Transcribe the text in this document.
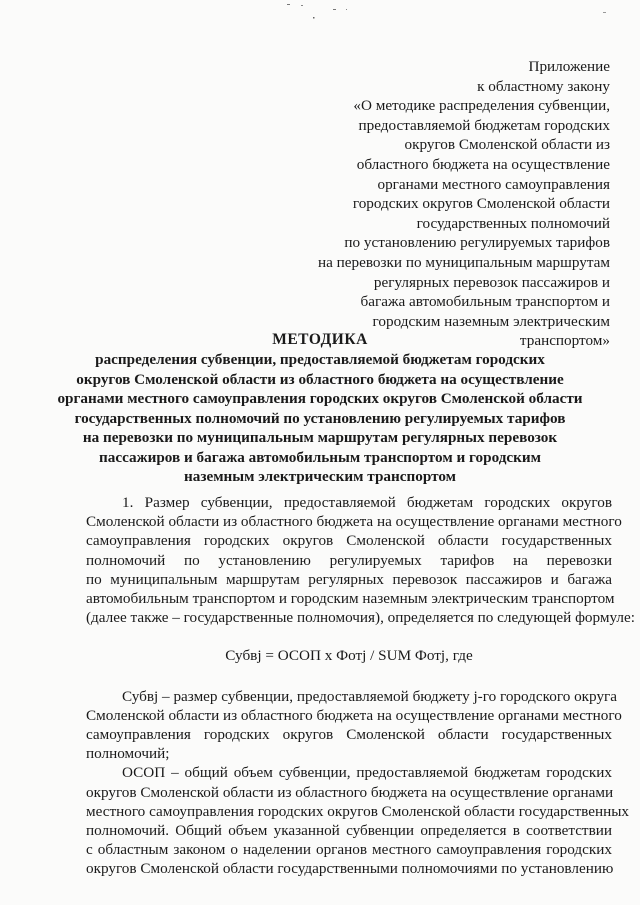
Приложение
к областному закону
«О методике распределения субвенции,
предоставляемой бюджетам городских
округов Смоленской области из
областного бюджета на осуществление
органами местного самоуправления
городских округов Смоленской области
государственных полномочий
по установлению регулируемых тарифов
на перевозки по муниципальным маршрутам
регулярных перевозок пассажиров и
багажа автомобильным транспортом и
городским наземным электрическим
транспортом»
МЕТОДИКА
распределения субвенции, предоставляемой бюджетам городских
округов Смоленской области из областного бюджета на осуществление
органами местного самоуправления городских округов Смоленской области
государственных полномочий по установлению регулируемых тарифов
на перевозки по муниципальным маршрутам регулярных перевозок
пассажиров и багажа автомобильным транспортом и городским
наземным электрическим транспортом
1. Размер субвенции, предоставляемой бюджетам городских округов
Смоленской области из областного бюджета на осуществление органами местного
самоуправления городских округов Смоленской области государственных
полномочий по установлению регулируемых тарифов на перевозки
по муниципальным маршрутам регулярных перевозок пассажиров и багажа
автомобильным транспортом и городским наземным электрическим транспортом
(далее также – государственные полномочия), определяется по следующей формуле:
Субвj = ОСОП х Фотj / SUM Фотj, где
Субвj – размер субвенции, предоставляемой бюджету j-го городского округа
Смоленской области из областного бюджета на осуществление органами местного
самоуправления городских округов Смоленской области государственных
полномочий;
ОСОП – общий объем субвенции, предоставляемой бюджетам городских
округов Смоленской области из областного бюджета на осуществление органами
местного самоуправления городских округов Смоленской области государственных
полномочий. Общий объем указанной субвенции определяется в соответствии
с областным законом о наделении органов местного самоуправления городских
округов Смоленской области государственными полномочиями по установлению
